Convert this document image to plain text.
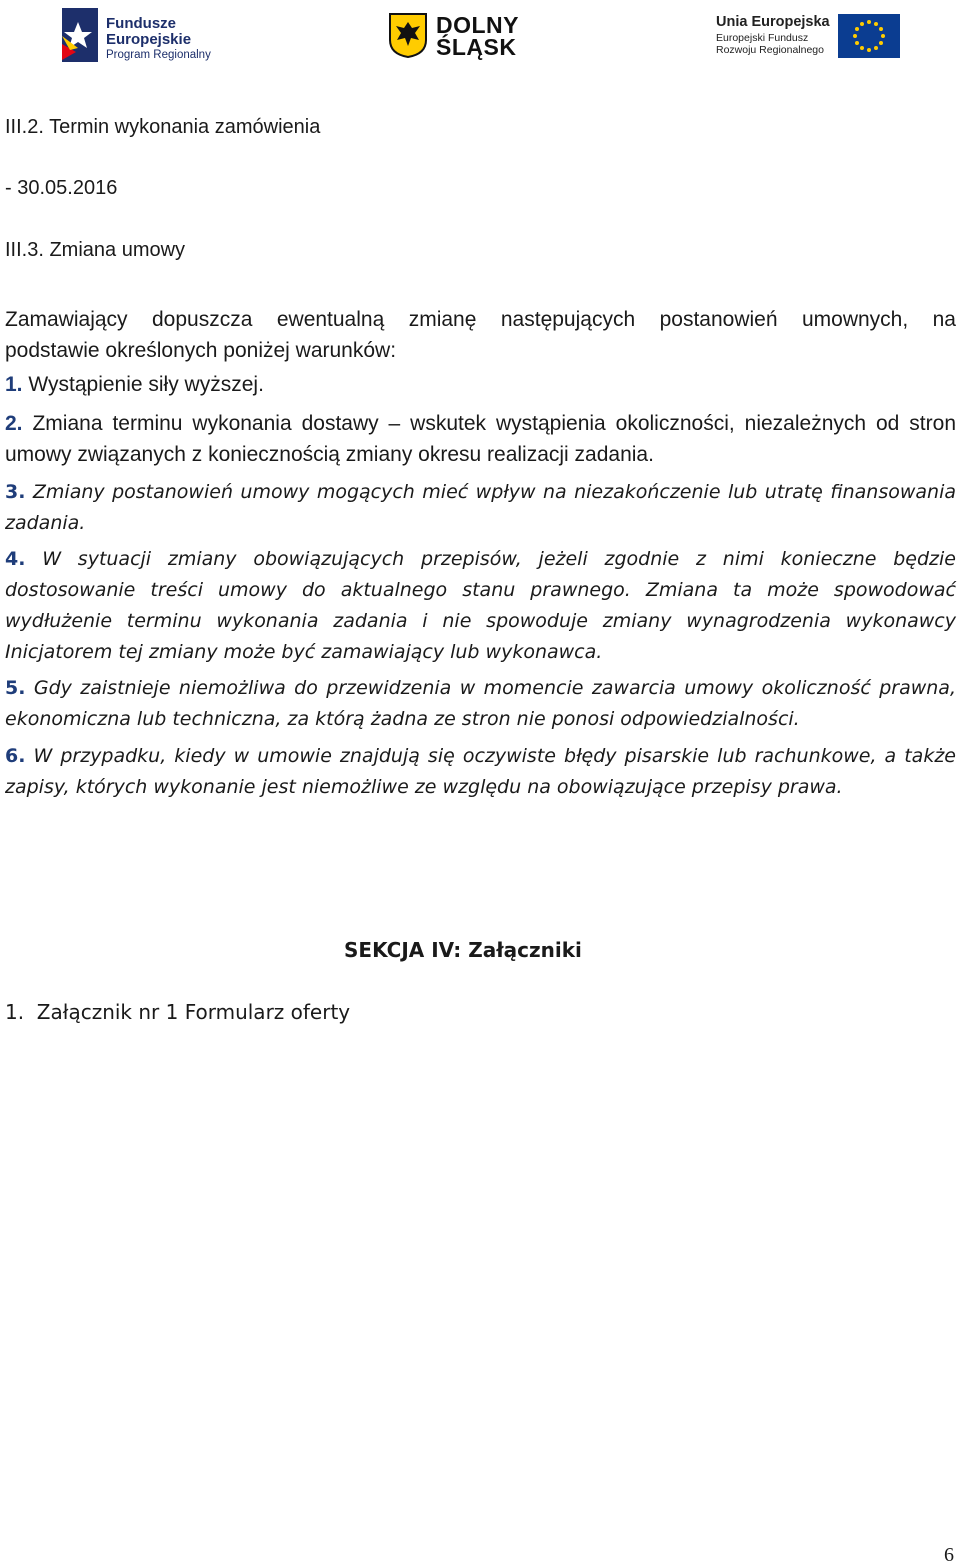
Fundusze
Europejskie
Program Regionalny
DOLNY
ŚLĄSK
Unia Europejska
Europejski Fundusz
Rozwoju Regionalnego
III.2. Termin wykonania zamówienia
- 30.05.2016
III.3. Zmiana umowy
Zamawiający dopuszcza ewentualną zmianę następujących postanowień umownych, na
podstawie określonych poniżej warunków:
1. Wystąpienie siły wyższej.
2. Zmiana terminu wykonania dostawy – wskutek wystąpienia okoliczności, niezależnych od stron umowy związanych z koniecznością zmiany okresu realizacji zadania.
3. Zmiany postanowień umowy mogących mieć wpływ na niezakończenie lub utratę finansowania zadania.
4. W sytuacji zmiany obowiązujących przepisów, jeżeli zgodnie z nimi konieczne będzie dostosowanie treści umowy do aktualnego stanu prawnego. Zmiana ta może spowodować wydłużenie terminu wykonania zadania i nie spowoduje zmiany wynagrodzenia wykonawcy Inicjatorem tej zmiany może być zamawiający lub wykonawca.
5. Gdy zaistnieje niemożliwa do przewidzenia w momencie zawarcia umowy okoliczność prawna, ekonomiczna lub techniczna, za którą żadna ze stron nie ponosi odpowiedzialności.
6. W przypadku, kiedy w umowie znajdują się oczywiste błędy pisarskie lub rachunkowe, a także zapisy, których wykonanie jest niemożliwe ze względu na obowiązujące przepisy prawa.
SEKCJA IV: Załączniki
1.  Załącznik nr 1 Formularz oferty
6
